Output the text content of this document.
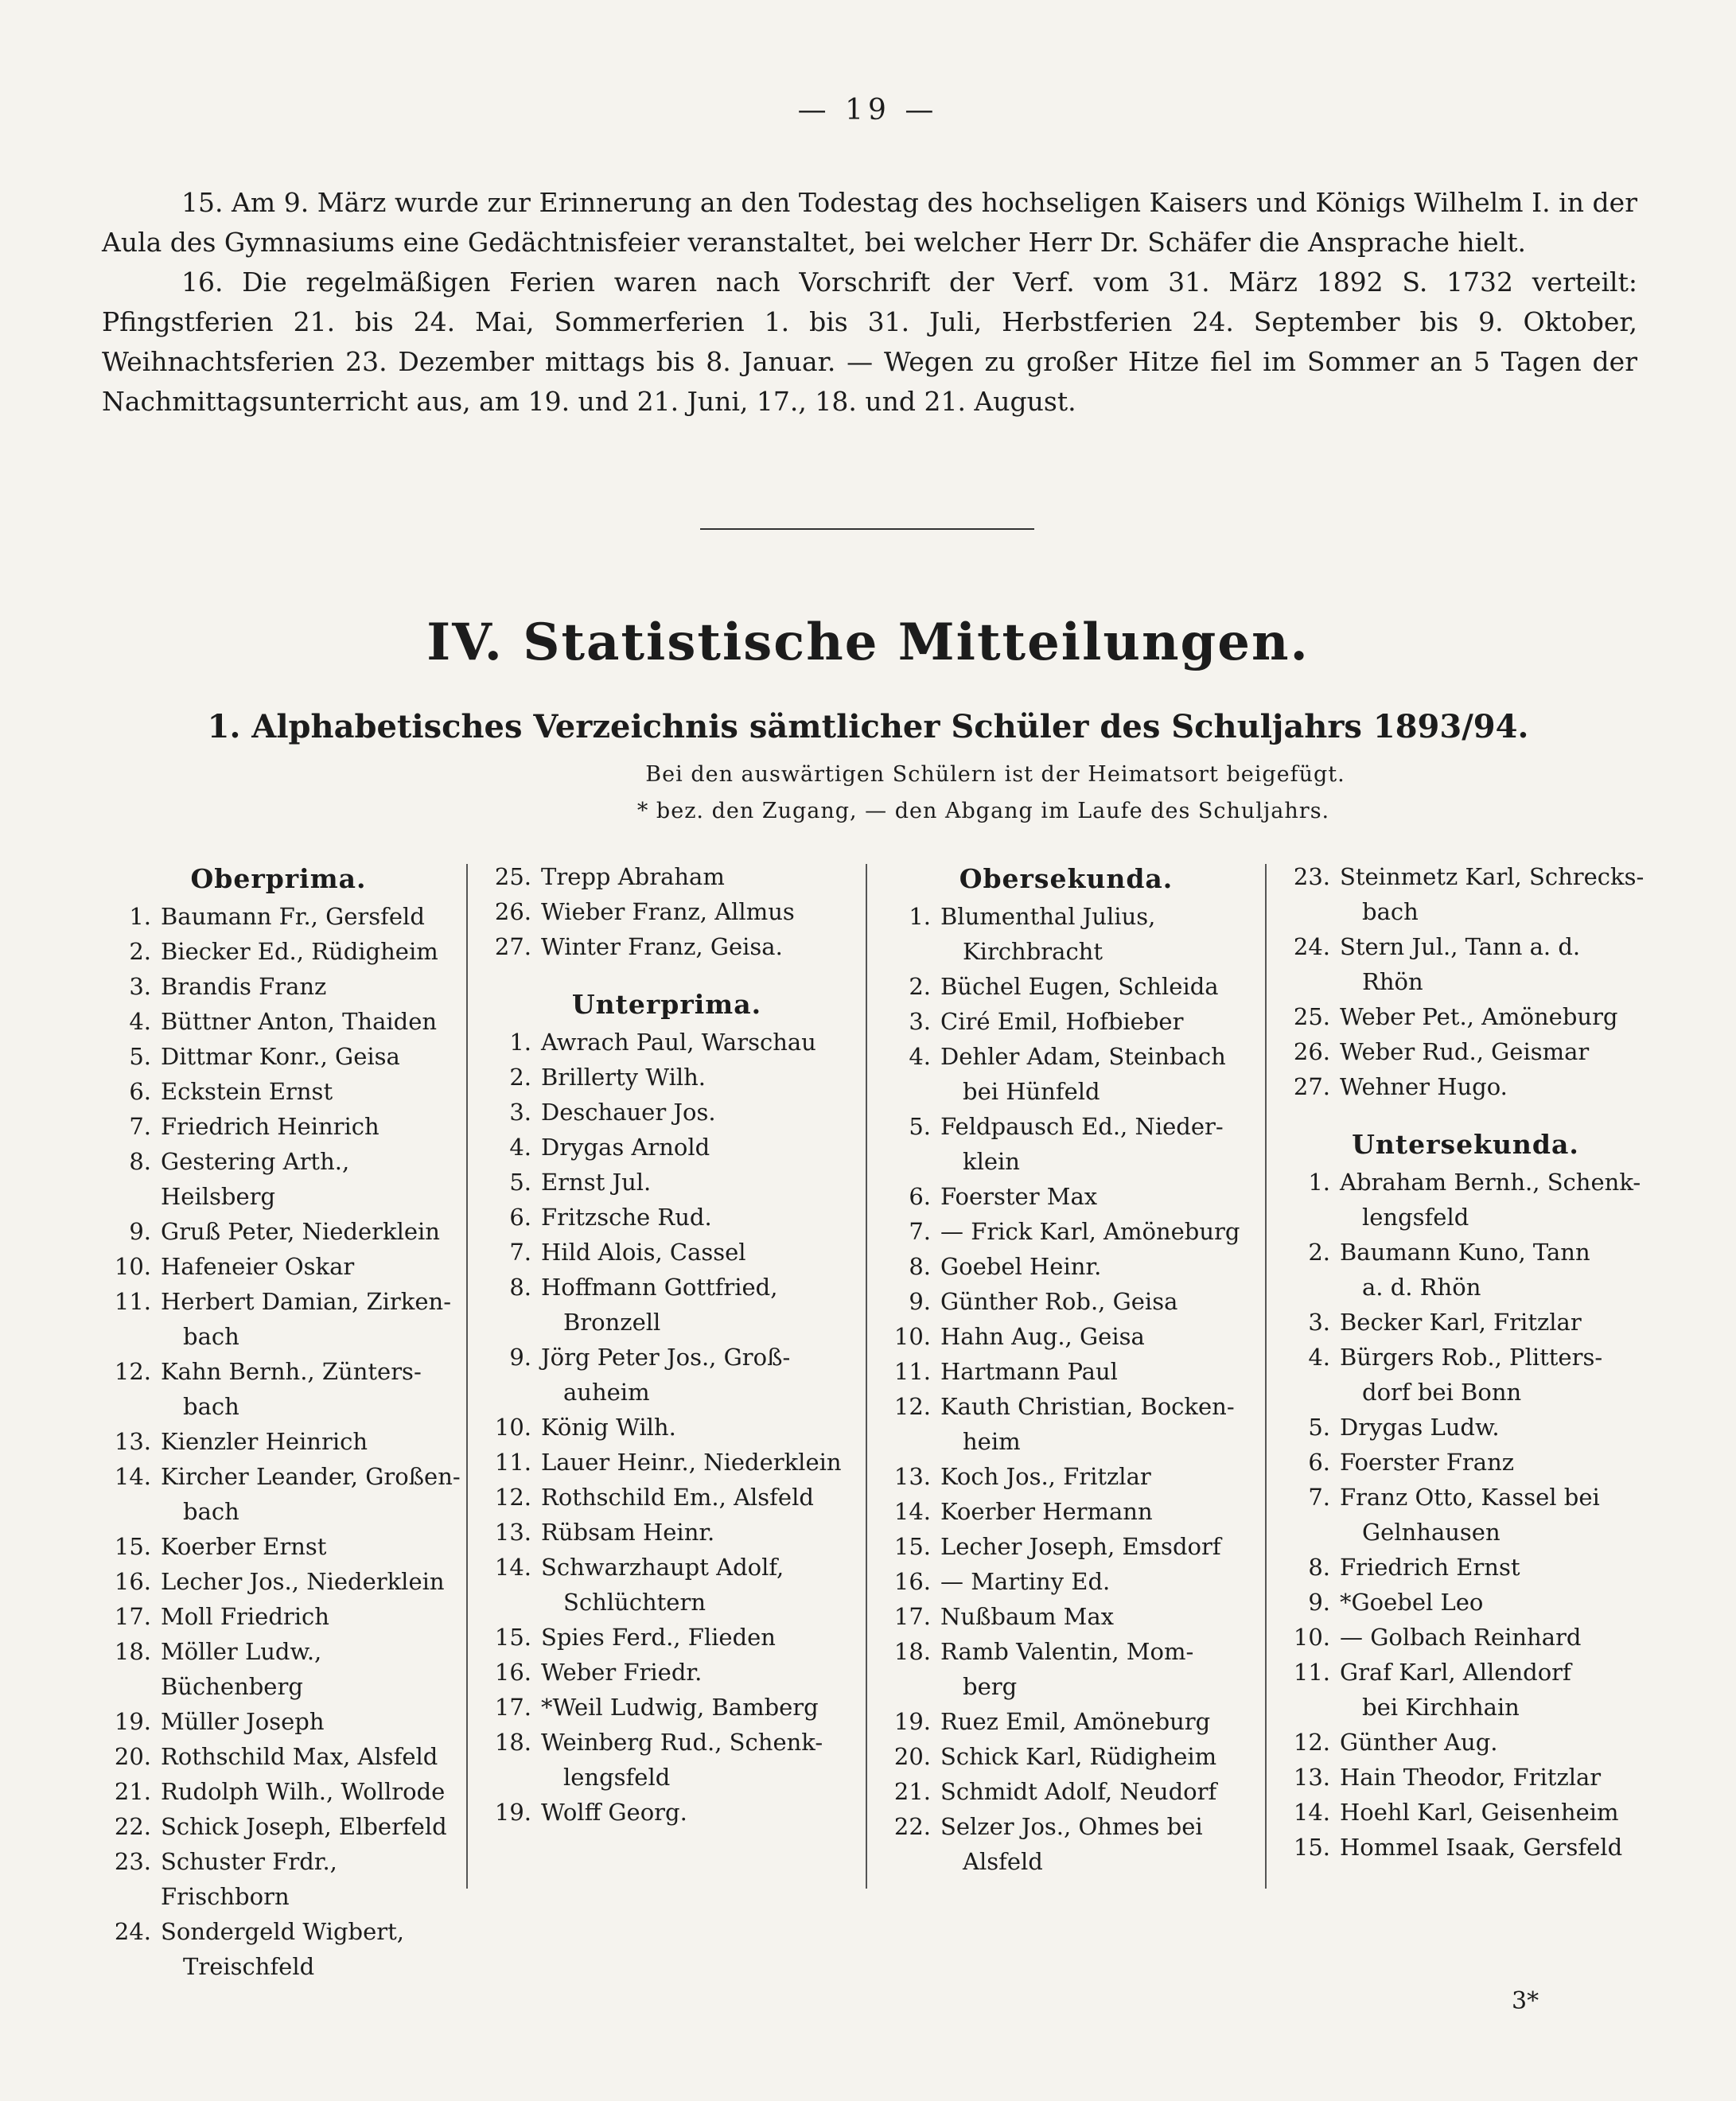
— 19 —

15. Am 9. März wurde zur Erinnerung an den Todestag des hochseligen Kaisers und Königs Wilhelm I. in der Aula des Gymnasiums eine Gedächtnisfeier veranstaltet, bei welcher Herr Dr. Schäfer die Ansprache hielt.

16. Die regelmäßigen Ferien waren nach Vorschrift der Verf. vom 31. März 1892 S. 1732 verteilt: Pfingstferien 21. bis 24. Mai, Sommerferien 1. bis 31. Juli, Herbstferien 24. September bis 9. Oktober, Weihnachtsferien 23. Dezember mittags bis 8. Januar. — Wegen zu großer Hitze fiel im Sommer an 5 Tagen der Nachmittagsunterricht aus, am 19. und 21. Juni, 17., 18. und 21. August.

IV. Statistische Mitteilungen.
1. Alphabetisches Verzeichnis sämtlicher Schüler des Schuljahrs 1893/94.
Bei den auswärtigen Schülern ist der Heimatsort beigefügt.
* bez. den Zugang, — den Abgang im Laufe des Schuljahrs.
Oberprima.
1. Baumann Fr., Gersfeld
2. Biecker Ed., Rüdigheim
3. Brandis Franz
4. Büttner Anton, Thaiden
5. Dittmar Konr., Geisa
6. Eckstein Ernst
7. Friedrich Heinrich
8. Gestering Arth., Heilsberg
9. Gruß Peter, Niederklein
10. Hafeneier Oskar
11. Herbert Damian, Zirken-
bach
12. Kahn Bernh., Zünters-
bach
13. Kienzler Heinrich
14. Kircher Leander, Großen-
bach
15. Koerber Ernst
16. Lecher Jos., Niederklein
17. Moll Friedrich
18. Möller Ludw., Büchenberg
19. Müller Joseph
20. Rothschild Max, Alsfeld
21. Rudolph Wilh., Wollrode
22. Schick Joseph, Elberfeld
23. Schuster Frdr., Frischborn
24. Sondergeld Wigbert,
Treischfeld
25. Trepp Abraham
26. Wieber Franz, Allmus
27. Winter Franz, Geisa.
Unterprima.
1. Awrach Paul, Warschau
2. Brillerty Wilh.
3. Deschauer Jos.
4. Drygas Arnold
5. Ernst Jul.
6. Fritzsche Rud.
7. Hild Alois, Cassel
8. Hoffmann Gottfried,
Bronzell
9. Jörg Peter Jos., Groß-
auheim
10. König Wilh.
11. Lauer Heinr., Niederklein
12. Rothschild Em., Alsfeld
13. Rübsam Heinr.
14. Schwarzhaupt Adolf,
Schlüchtern
15. Spies Ferd., Flieden
16. Weber Friedr.
17. *Weil Ludwig, Bamberg
18. Weinberg Rud., Schenk-
lengsfeld
19. Wolff Georg.
Obersekunda.
1. Blumenthal Julius,
Kirchbracht
2. Büchel Eugen, Schleida
3. Ciré Emil, Hofbieber
4. Dehler Adam, Steinbach
bei Hünfeld
5. Feldpausch Ed., Nieder-
klein
6. Foerster Max
7. — Frick Karl, Amöneburg
8. Goebel Heinr.
9. Günther Rob., Geisa
10. Hahn Aug., Geisa
11. Hartmann Paul
12. Kauth Christian, Bocken-
heim
13. Koch Jos., Fritzlar
14. Koerber Hermann
15. Lecher Joseph, Emsdorf
16. — Martiny Ed.
17. Nußbaum Max
18. Ramb Valentin, Mom-
berg
19. Ruez Emil, Amöneburg
20. Schick Karl, Rüdigheim
21. Schmidt Adolf, Neudorf
22. Selzer Jos., Ohmes bei
Alsfeld
23. Steinmetz Karl, Schrecks-
bach
24. Stern Jul., Tann a. d.
Rhön
25. Weber Pet., Amöneburg
26. Weber Rud., Geismar
27. Wehner Hugo.
Untersekunda.
1. Abraham Bernh., Schenk-
lengsfeld
2. Baumann Kuno, Tann
a. d. Rhön
3. Becker Karl, Fritzlar
4. Bürgers Rob., Plitters-
dorf bei Bonn
5. Drygas Ludw.
6. Foerster Franz
7. Franz Otto, Kassel bei
Gelnhausen
8. Friedrich Ernst
9. *Goebel Leo
10. — Golbach Reinhard
11. Graf Karl, Allendorf
bei Kirchhain
12. Günther Aug.
13. Hain Theodor, Fritzlar
14. Hoehl Karl, Geisenheim
15. Hommel Isaak, Gersfeld
3*
